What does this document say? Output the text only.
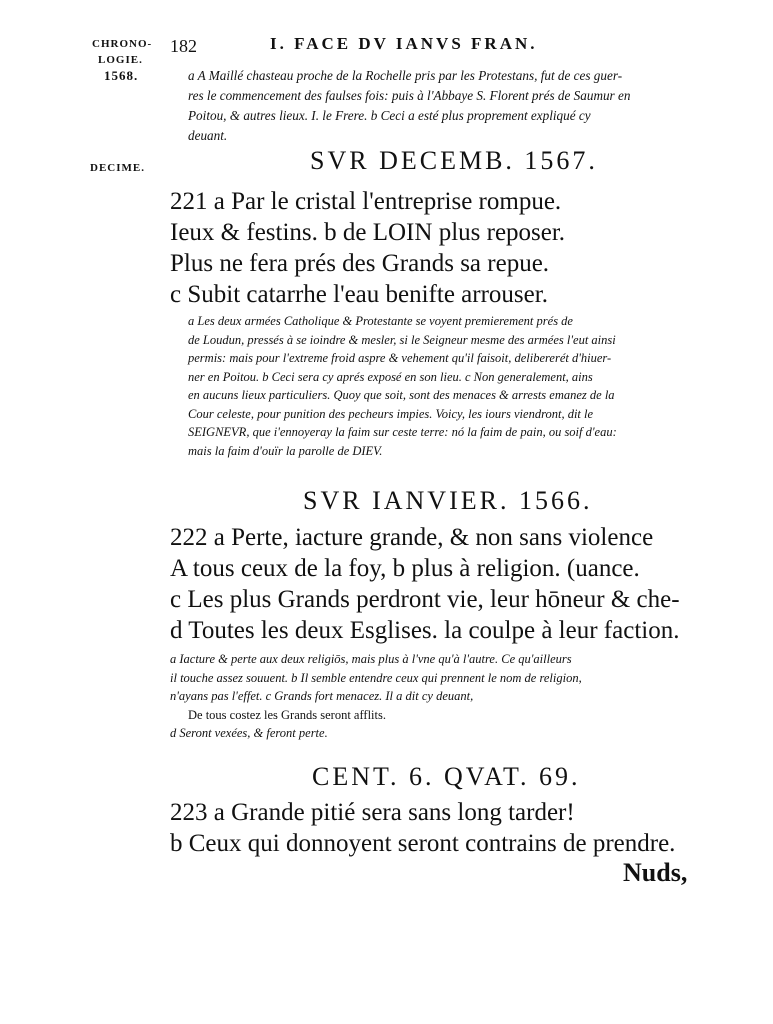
CHRONO-
LOGIE.
1568.
182	I. FACE DV IANVS FRAN.
a A Maillé chasteau proche de la Rochelle pris par les Protestans, fut de ces guer-
res le commencement des faulses fois: puis à l'Abbaye S. Florent prés de Saumur en
Poitou, & autres lieux. I. le Frere. b Ceci a esté plus proprement expliqué cy
deuant.
DECIME.	SVR DECEMB. 1567.
221 a Par le cristal l'entreprise rompue.
Ieux & festins. b de LOIN plus reposer.
Plus ne fera prés des Grands sa repue.
c Subit catarrhe l'eau benifte arrouser.
a Les deux armées Catholique & Protestante se voyent premierement prés de
de Loudun, pressés à se ioindre & mesler, si le Seigneur mesme des armées l'eut ainsi
permis: mais pour l'extreme froid aspre & vehement qu'il faisoit, delibererét d'hiuer-
ner en Poitou. b Ceci sera cy aprés exposé en son lieu. c Non generalement, ains
en aucuns lieux particuliers. Quoy que soit, sont des menaces & arrests emanez de la
Cour celeste, pour punition des pecheurs impies. Voicy, les iours viendront, dit le
SEIGNEVR, que i'ennoyeray la faim sur ceste terre: nó la faim de pain, ou soif d'eau:
mais la faim d'ouïr la parolle de DIEV.
SVR IANVIER. 1566.
222 a Perte, iacture grande, & non sans violence
A tous ceux de la foy, b plus à religion. (uance.
c Les plus Grands perdront vie, leur hōneur & che-
d Toutes les deux Esglises. la coulpe à leur faction.
a Iacture & perte aux deux religiōs, mais plus à l'vne qu'à l'autre. Ce qu'ailleurs
il touche assez souuent. b Il semble entendre ceux qui prennent le nom de religion,
n'ayans pas l'effet. c Grands fort menacez. Il a dit cy deuant,
De tous costez les Grands seront afflits.
d Seront vexées, & feront perte.
CENT. 6. QVAT. 69.
223 a Grande pitié sera sans long tarder!
b Ceux qui donnoyent seront contrains de prendre.
Nuds,
